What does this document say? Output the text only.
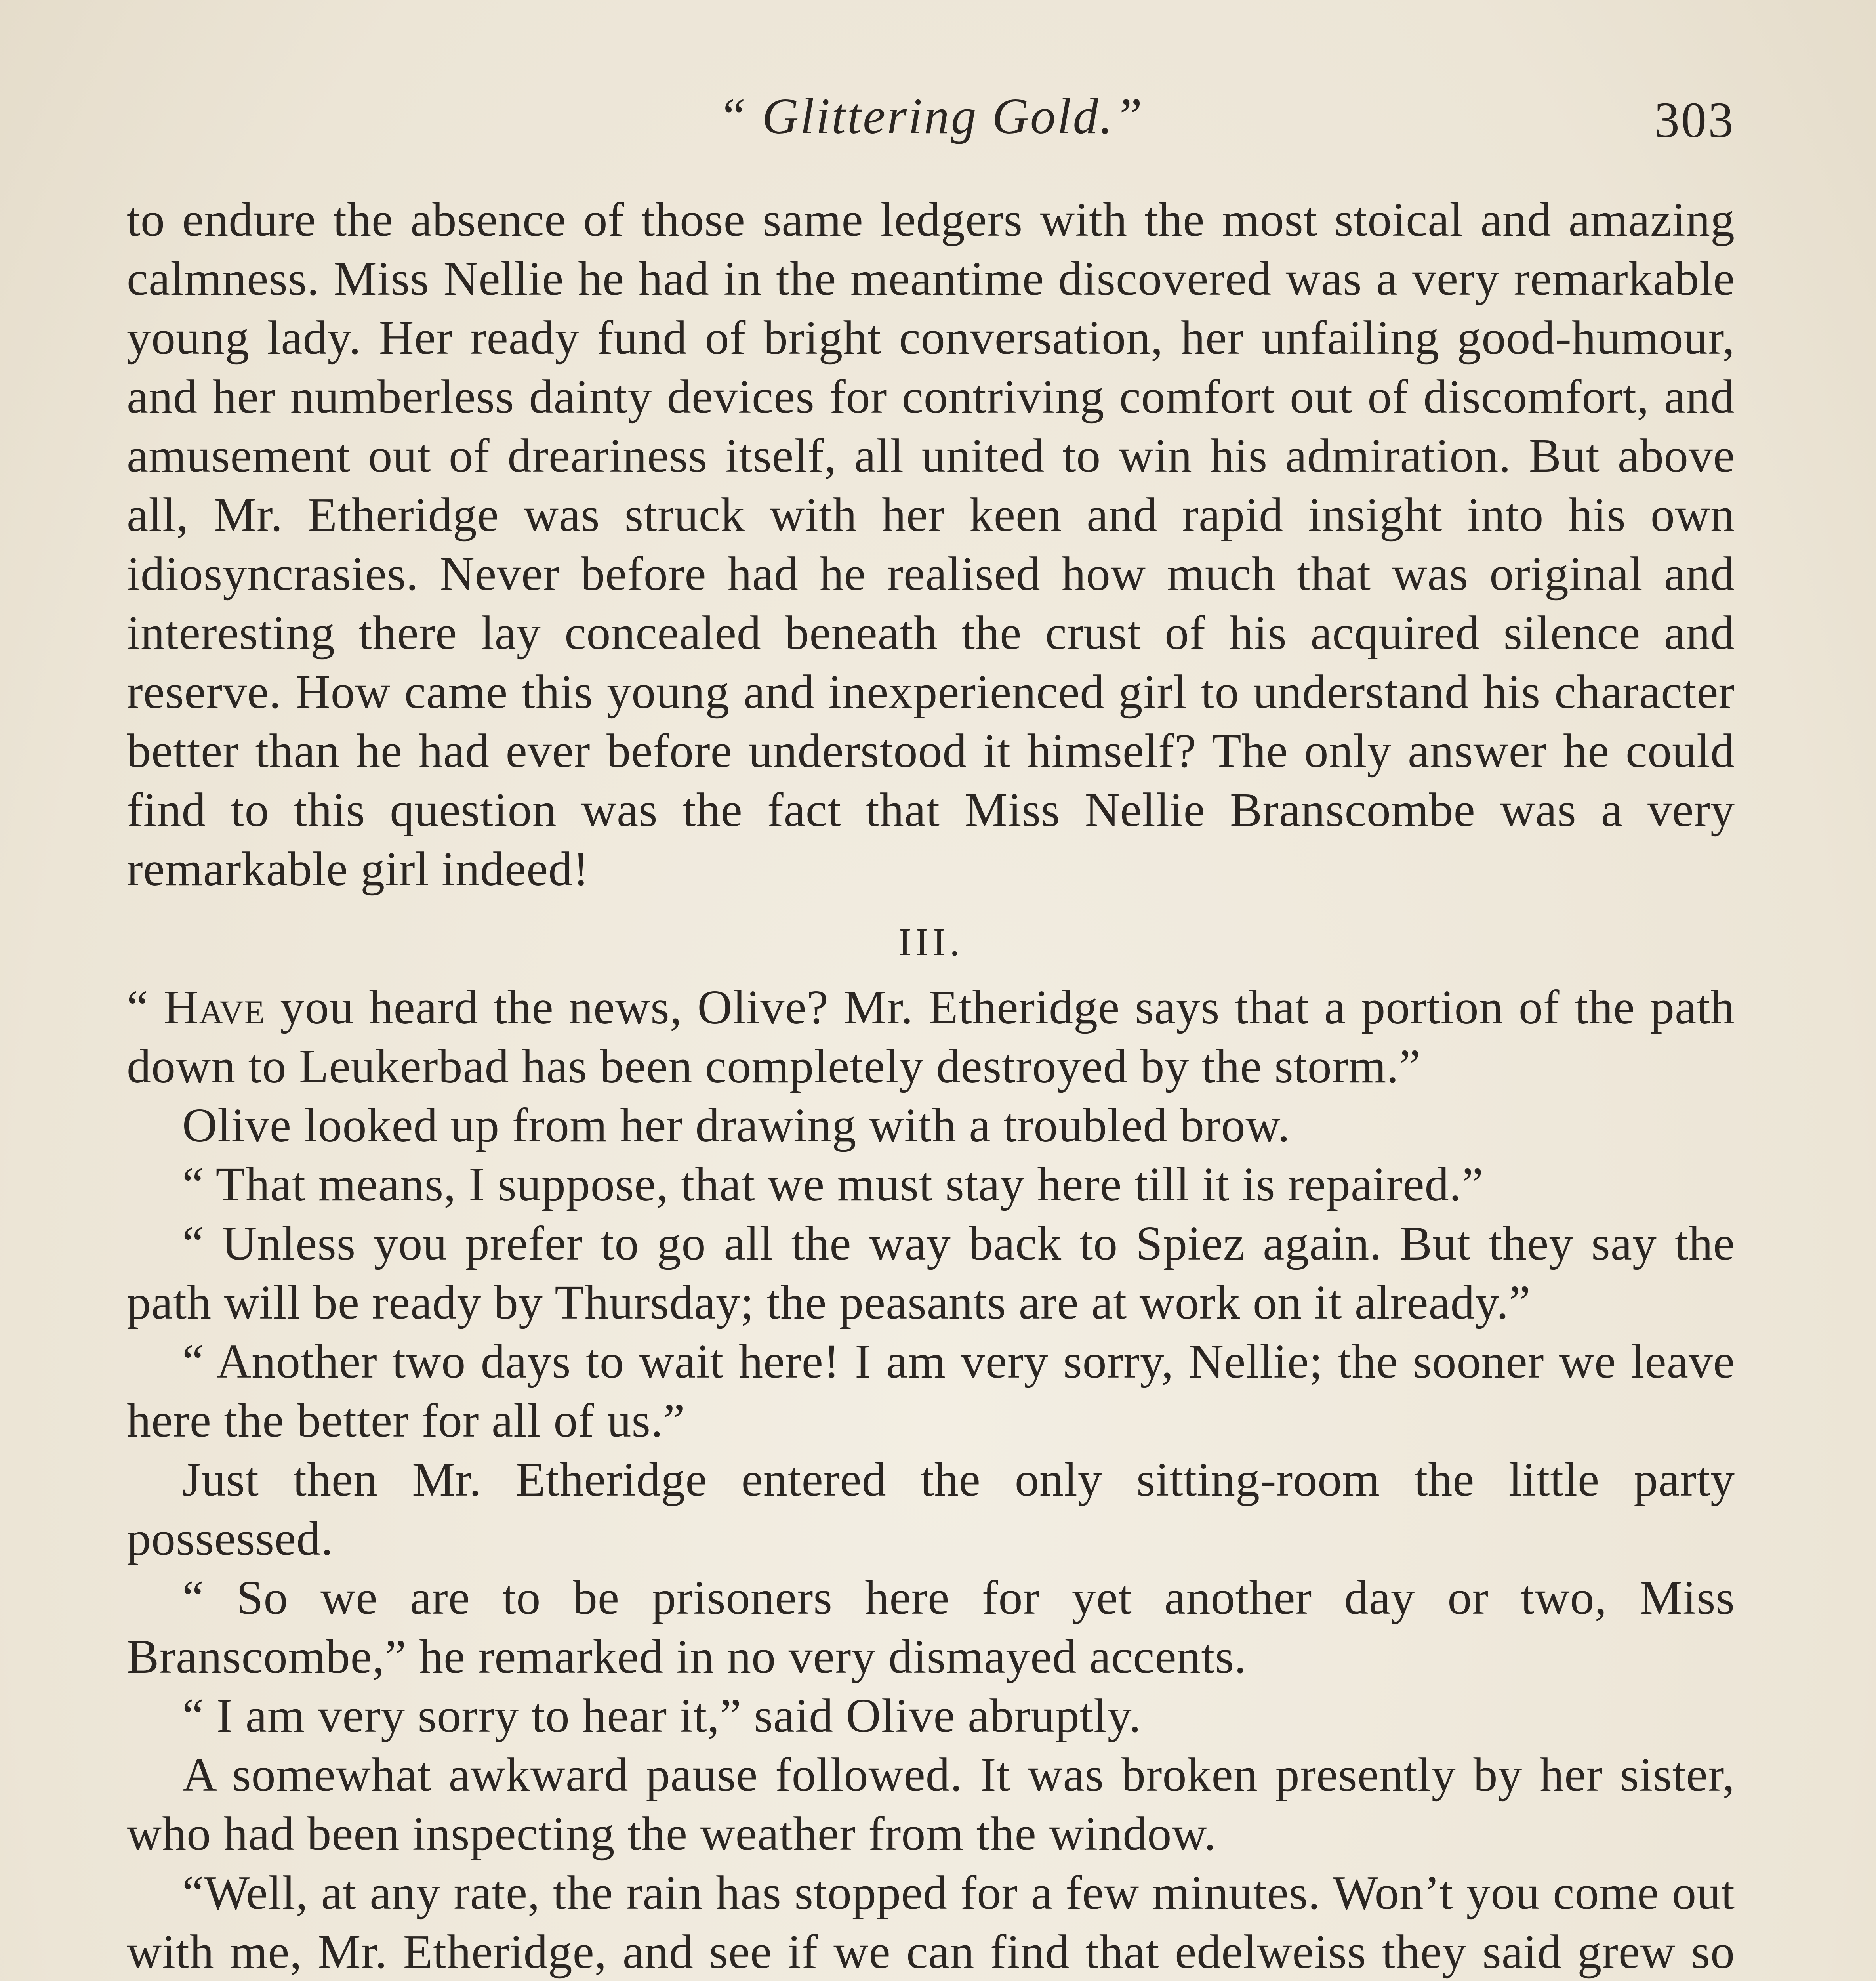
“ Glittering Gold.”	303

to endure the absence of those same ledgers with the most stoical and amazing calmness. Miss Nellie he had in the meantime discovered was a very remarkable young lady. Her ready fund of bright conversation, her unfailing good-humour, and her numberless dainty devices for contriving comfort out of discomfort, and amusement out of dreariness itself, all united to win his admiration. But above all, Mr. Etheridge was struck with her keen and rapid insight into his own idiosyncrasies. Never before had he realised how much that was original and interesting there lay concealed beneath the crust of his acquired silence and reserve. How came this young and inexperienced girl to understand his character better than he had ever before understood it himself? The only answer he could find to this question was the fact that Miss Nellie Branscombe was a very remarkable girl indeed!

III.

“ Have you heard the news, Olive? Mr. Etheridge says that a portion of the path down to Leukerbad has been completely destroyed by the storm.”

Olive looked up from her drawing with a troubled brow.

“ That means, I suppose, that we must stay here till it is repaired.”

“ Unless you prefer to go all the way back to Spiez again. But they say the path will be ready by Thursday; the peasants are at work on it already.”

“ Another two days to wait here! I am very sorry, Nellie; the sooner we leave here the better for all of us.”

Just then Mr. Etheridge entered the only sitting-room the little party possessed.

“ So we are to be prisoners here for yet another day or two, Miss Branscombe,” he remarked in no very dismayed accents.

“ I am very sorry to hear it,” said Olive abruptly.

A somewhat awkward pause followed. It was broken presently by her sister, who had been inspecting the weather from the window.

“Well, at any rate, the rain has stopped for a few minutes. Won’t you come out with me, Mr. Etheridge, and see if we can find that edelweiss they said grew so
